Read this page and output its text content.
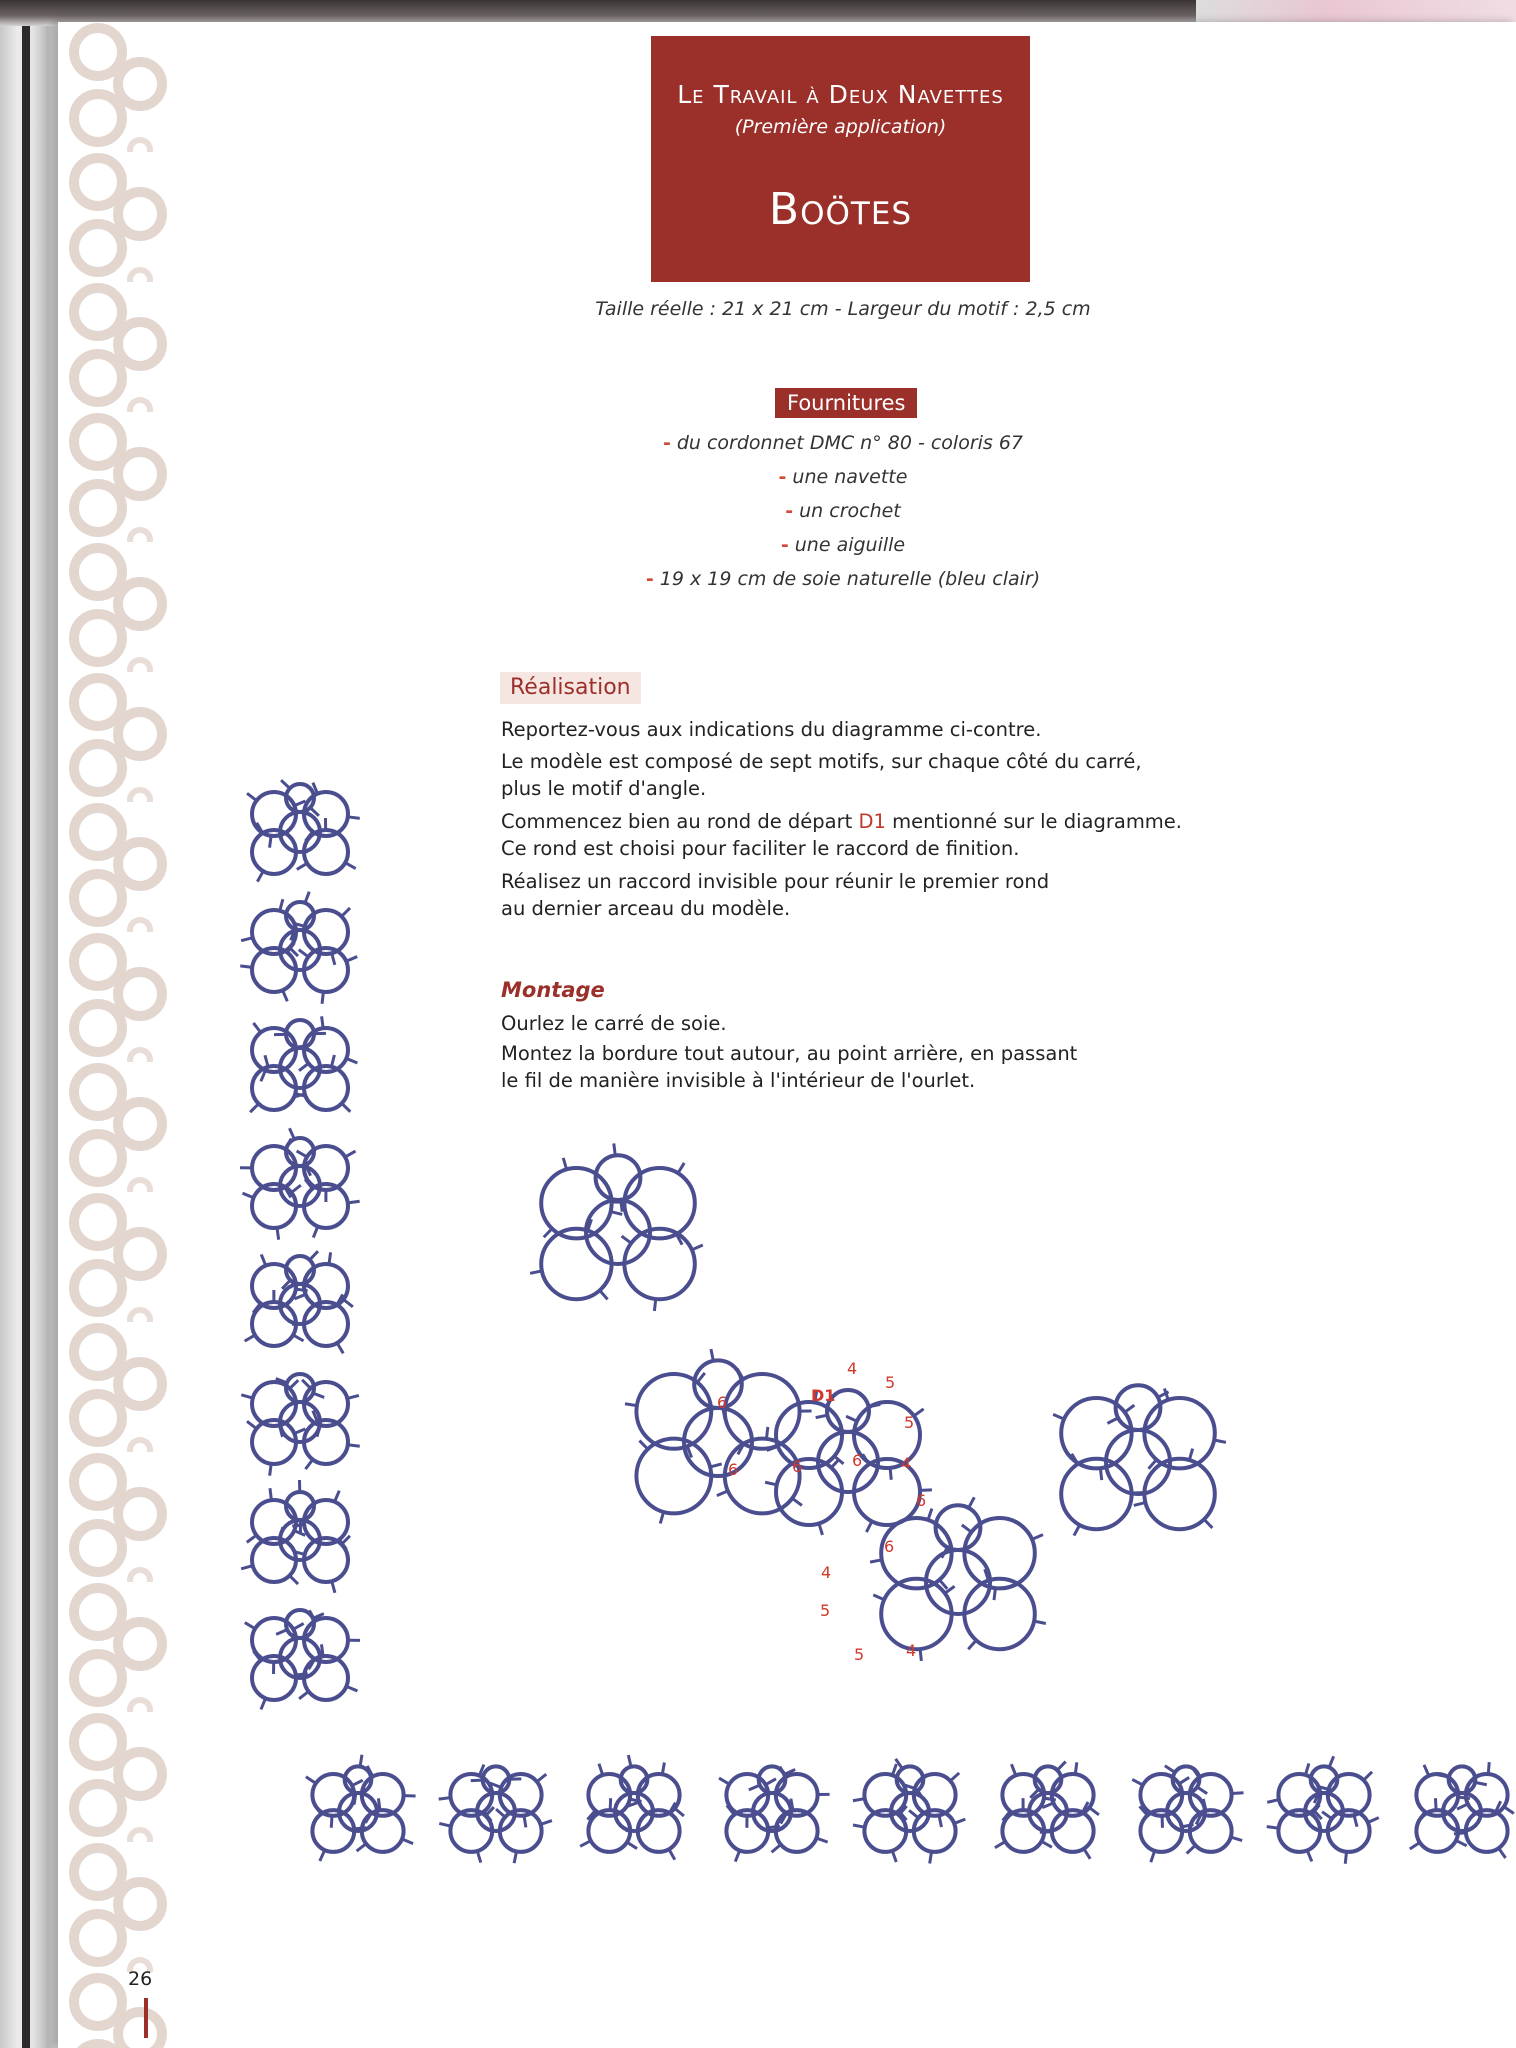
Le Travail à Deux Navettes
(Première application)
Boötes
Taille réelle : 21 x 21 cm - Largeur du motif : 2,5 cm
Fournitures
- du cordonnet DMC n° 80 - coloris 67
- une navette
- un crochet
- une aiguille
- 19 x 19 cm de soie naturelle (bleu clair)
Réalisation

Reportez-vous aux indications du diagramme ci-contre.

Le modèle est composé de sept motifs, sur chaque côté du carré,
plus le motif d'angle.

Commencez bien au rond de départ D1 mentionné sur le diagramme.
Ce rond est choisi pour faciliter le raccord de finition.

Réalisez un raccord invisible pour réunir le premier rond
au dernier arceau du modèle.

Montage

Ourlez le carré de soie.

Montez la bordure tout autour, au point arrière, en passant
le fil de manière invisible à l'intérieur de l'ourlet.

D1
6
6	6	6
6
6
4
5
5
4
4
5
5	4
26
